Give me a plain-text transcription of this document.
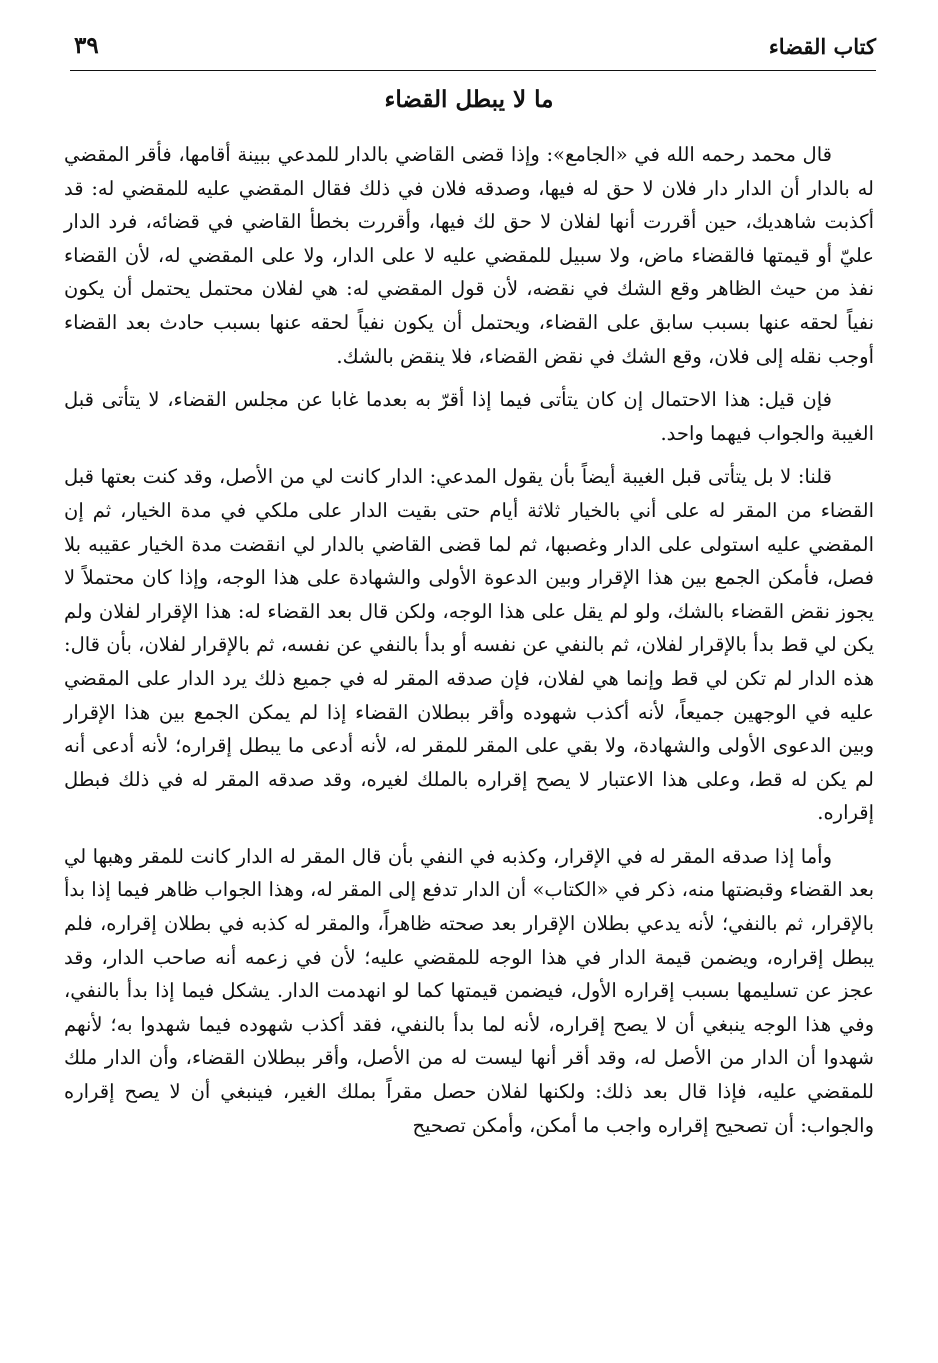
كتاب القضاء
٣٩
ما لا يبطل القضاء

قال محمد رحمه الله في «الجامع»: وإذا قضى القاضي بالدار للمدعي ببينة أقامها، فأقر المقضي له بالدار أن الدار دار فلان لا حق له فيها، وصدقه فلان في ذلك فقال المقضي عليه للمقضي له: قد أكذبت شاهديك، حين أقررت أنها لفلان لا حق لك فيها، وأقررت بخطأ القاضي في قضائه، فرد الدار عليّ أو قيمتها فالقضاء ماض، ولا سبيل للمقضي عليه لا على الدار، ولا على المقضي له، لأن القضاء نفذ من حيث الظاهر وقع الشك في نقضه، لأن قول المقضي له: هي لفلان محتمل يحتمل أن يكون نفياً لحقه عنها بسبب سابق على القضاء، ويحتمل أن يكون نفياً لحقه عنها بسبب حادث بعد القضاء أوجب نقله إلى فلان، وقع الشك في نقض القضاء، فلا ينقض بالشك.

فإن قيل: هذا الاحتمال إن كان يتأتى فيما إذا أقرّ به بعدما غابا عن مجلس القضاء، لا يتأتى قبل الغيبة والجواب فيهما واحد.

قلنا: لا بل يتأتى قبل الغيبة أيضاً بأن يقول المدعي: الدار كانت لي من الأصل، وقد كنت بعتها قبل القضاء من المقر له على أني بالخيار ثلاثة أيام حتى بقيت الدار على ملكي في مدة الخيار، ثم إن المقضي عليه استولى على الدار وغصبها، ثم لما قضى القاضي بالدار لي انقضت مدة الخيار عقيبه بلا فصل، فأمكن الجمع بين هذا الإقرار وبين الدعوة الأولى والشهادة على هذا الوجه، وإذا كان محتملاً لا يجوز نقض القضاء بالشك، ولو لم يقل على هذا الوجه، ولكن قال بعد القضاء له: هذا الإقرار لفلان ولم يكن لي قط بدأ بالإقرار لفلان، ثم بالنفي عن نفسه أو بدأ بالنفي عن نفسه، ثم بالإقرار لفلان، بأن قال: هذه الدار لم تكن لي قط وإنما هي لفلان، فإن صدقه المقر له في جميع ذلك يرد الدار على المقضي عليه في الوجهين جميعاً، لأنه أكذب شهوده وأقر ببطلان القضاء إذا لم يمكن الجمع بين هذا الإقرار وبين الدعوى الأولى والشهادة، ولا بقي على المقر للمقر له، لأنه أدعى ما يبطل إقراره؛ لأنه أدعى أنه لم يكن له قط، وعلى هذا الاعتبار لا يصح إقراره بالملك لغيره، وقد صدقه المقر له في ذلك فبطل إقراره.

وأما إذا صدقه المقر له في الإقرار، وكذبه في النفي بأن قال المقر له الدار كانت للمقر وهبها لي بعد القضاء وقبضتها منه، ذكر في «الكتاب» أن الدار تدفع إلى المقر له، وهذا الجواب ظاهر فيما إذا بدأ بالإقرار، ثم بالنفي؛ لأنه يدعي بطلان الإقرار بعد صحته ظاهراً، والمقر له كذبه في بطلان إقراره، فلم يبطل إقراره، ويضمن قيمة الدار في هذا الوجه للمقضي عليه؛ لأن في زعمه أنه صاحب الدار، وقد عجز عن تسليمها بسبب إقراره الأول، فيضمن قيمتها كما لو انهدمت الدار. يشكل فيما إذا بدأ بالنفي، وفي هذا الوجه ينبغي أن لا يصح إقراره، لأنه لما بدأ بالنفي، فقد أكذب شهوده فيما شهدوا به؛ لأنهم شهدوا أن الدار من الأصل له، وقد أقر أنها ليست له من الأصل، وأقر ببطلان القضاء، وأن الدار ملك للمقضي عليه، فإذا قال بعد ذلك: ولكنها لفلان حصل مقراً بملك الغير، فينبغي أن لا يصح إقراره والجواب: أن تصحيح إقراره واجب ما أمكن، وأمكن تصحيح
